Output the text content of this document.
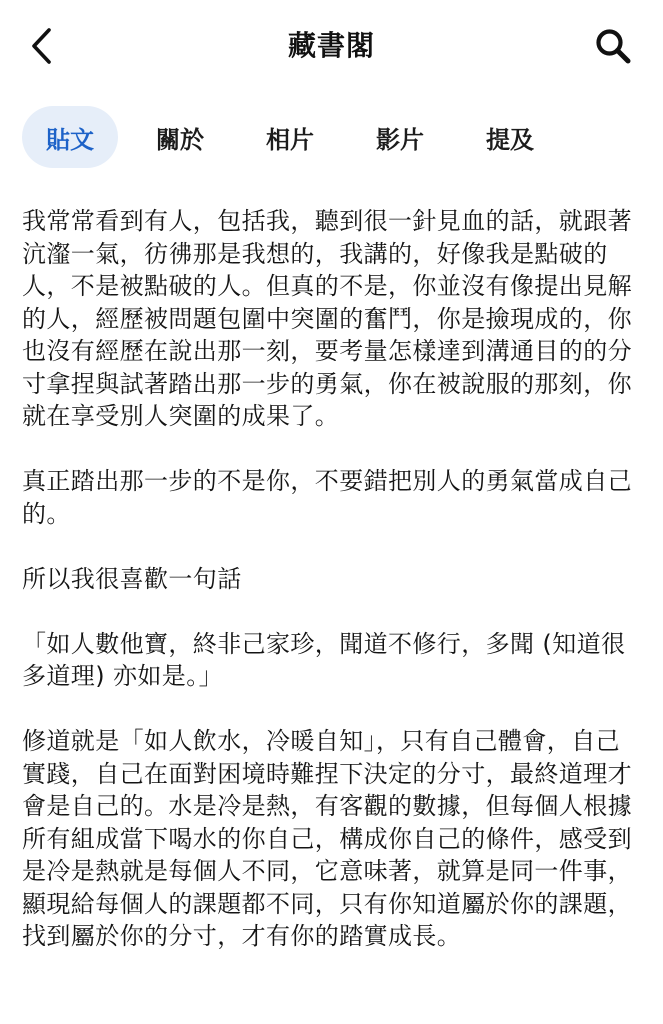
藏書閣
貼文	關於	相片	影片	提及

我常常看到有人，包括我，聽到很一針見血的話，就跟著沆瀣一氣，彷彿那是我想的，我講的，好像我是點破的人，不是被點破的人。但真的不是，你並沒有像提出見解的人，經歷被問題包圍中突圍的奮鬥，你是撿現成的，你也沒有經歷在說出那一刻，要考量怎樣達到溝通目的的分寸拿捏與試著踏出那一步的勇氣，你在被說服的那刻，你就在享受別人突圍的成果了。

真正踏出那一步的不是你，不要錯把別人的勇氣當成自己的。

所以我很喜歡一句話

「如人數他寶，終非己家珍，聞道不修行，多聞 (知道很多道理) 亦如是。」

修道就是「如人飲水，冷暖自知」，只有自己體會，自己實踐，自己在面對困境時難捏下決定的分寸，最終道理才會是自己的。水是冷是熱，有客觀的數據，但每個人根據所有組成當下喝水的你自己，構成你自己的條件，感受到是冷是熱就是每個人不同，它意味著，就算是同一件事，顯現給每個人的課題都不同，只有你知道屬於你的課題，找到屬於你的分寸，才有你的踏實成長。
